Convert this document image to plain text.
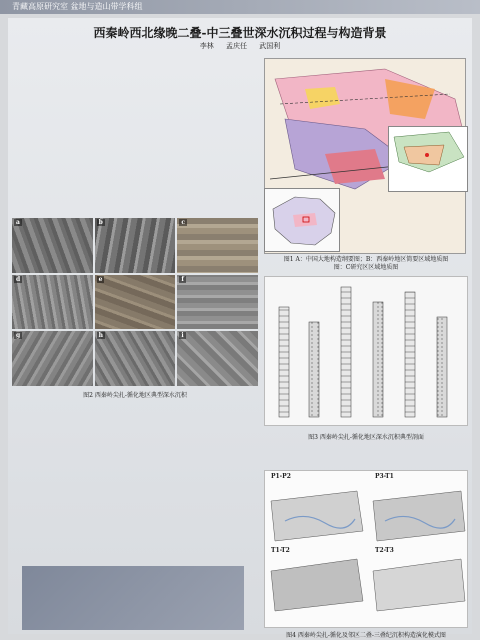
青藏高原研究室 盆地与造山带学科组
西秦岭西北缘晚二叠-中三叠世深水沉积过程与构造背景
李林 孟庆任 武国利

a	b	c
d	e	f
g	h	i
图2 西秦岭尖扎-循化地区典型深水沉积
图1 A：中国大地构造纲要图；B：西秦岭地区简要区域地质图
图：C研究区区域地质图
图3 西秦岭尖扎-循化地区深水沉积典型剖面
P1-P2	P3-T1
T1-T2	T2-T3
图4 西秦岭尖扎-循化及邻区二叠-三叠纪沉积构造演化模式图
